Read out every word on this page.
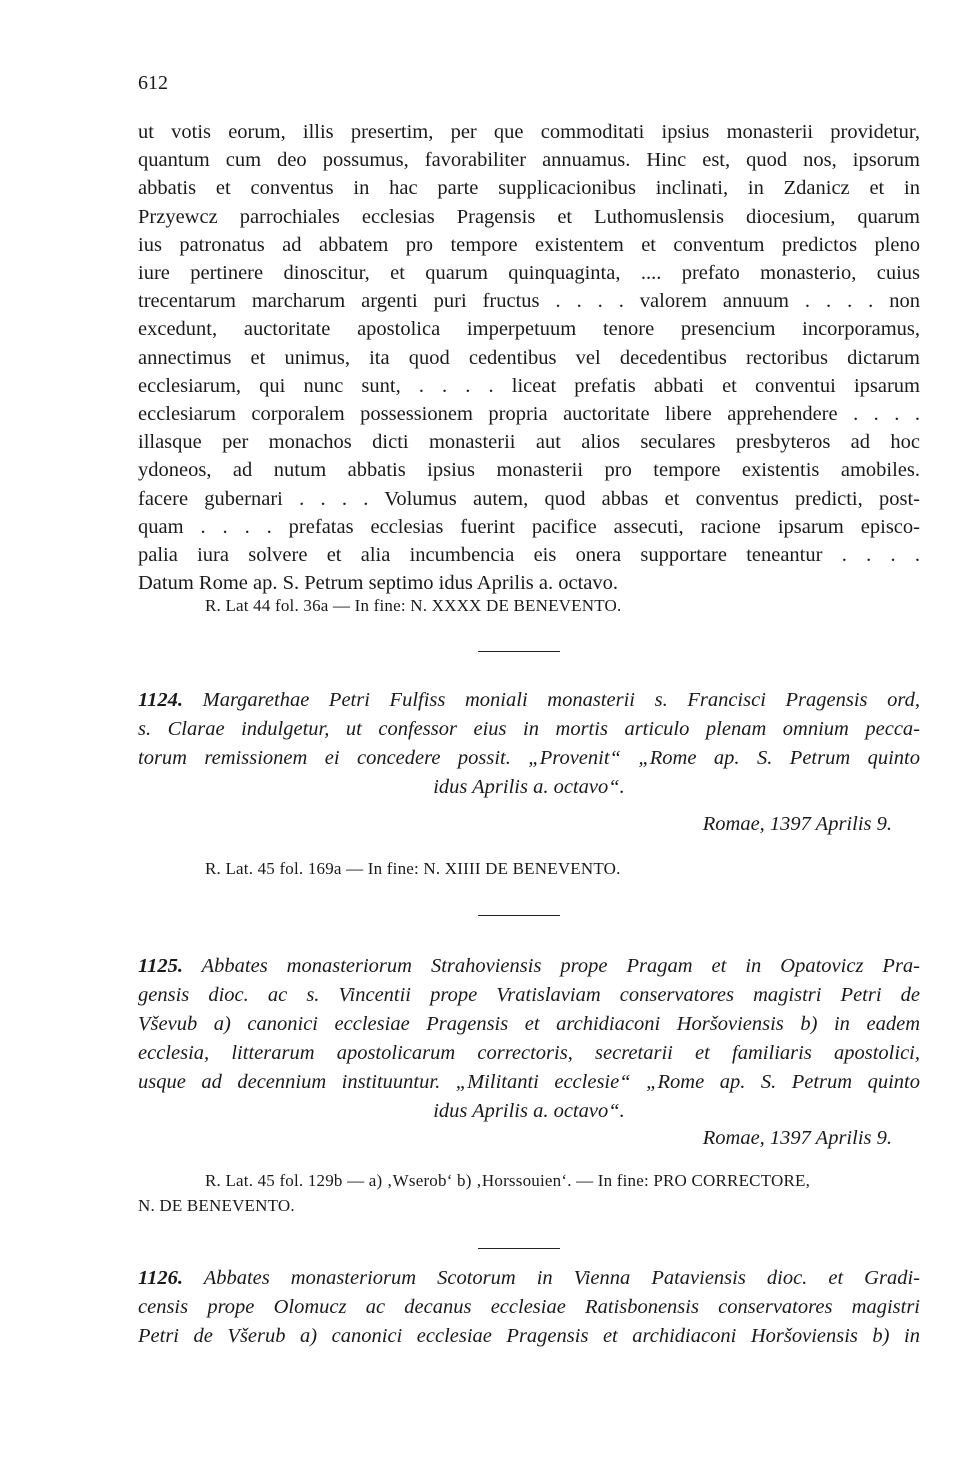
612
ut votis eorum, illis presertim, per que commoditati ipsius monasterii providetur,
quantum cum deo possumus, favorabiliter annuamus. Hinc est, quod nos, ipsorum
abbatis et conventus in hac parte supplicacionibus inclinati, in Zdanicz et in
Przyewcz parrochiales ecclesias Pragensis et Luthomuslensis diocesium, quarum
ius patronatus ad abbatem pro tempore existentem et conventum predictos pleno
iure pertinere dinoscitur, et quarum quinquaginta, .... prefato monasterio, cuius
trecentarum marcharum argenti puri fructus . . . . valorem annuum . . . . non
excedunt, auctoritate apostolica imperpetuum tenore presencium incorporamus,
annectimus et unimus, ita quod cedentibus vel decedentibus rectoribus dictarum
ecclesiarum, qui nunc sunt, . . . . liceat prefatis abbati et conventui ipsarum
ecclesiarum corporalem possessionem propria auctoritate libere apprehendere . . . .
illasque per monachos dicti monasterii aut alios seculares presbyteros ad hoc
ydoneos, ad nutum abbatis ipsius monasterii pro tempore existentis amobiles.
facere gubernari . . . . Volumus autem, quod abbas et conventus predicti, post-
quam . . . . prefatas ecclesias fuerint pacifice assecuti, racione ipsarum episco-
palia iura solvere et alia incumbencia eis onera supportare teneantur . . . .
Datum Rome ap. S. Petrum septimo idus Aprilis a. octavo.
R. Lat 44 fol. 36a — In fine: N. XXXX DE BENEVENTO.
1124. Margarethae Petri Fulfiss moniali monasterii s. Francisci Pragensis ord,
s. Clarae indulgetur, ut confessor eius in mortis articulo plenam omnium pecca-
torum remissionem ei concedere possit. „Provenit“ „Rome ap. S. Petrum quinto
idus Aprilis a. octavo“.
Romae, 1397 Aprilis 9.
R. Lat. 45 fol. 169a — In fine: N. XIIII DE BENEVENTO.
1125. Abbates monasteriorum Strahoviensis prope Pragam et in Opatovicz Pra-
gensis dioc. ac s. Vincentii prope Vratislaviam conservatores magistri Petri de
Vševub a) canonici ecclesiae Pragensis et archidiaconi Horšoviensis b) in eadem
ecclesia, litterarum apostolicarum correctoris, secretarii et familiaris apostolici,
usque ad decennium instituuntur. „Militanti ecclesie“ „Rome ap. S. Petrum quinto
idus Aprilis a. octavo“.
Romae, 1397 Aprilis 9.
R. Lat. 45 fol. 129b — a) ‚Wserob‘ b) ‚Horssouien‘. — In fine: PRO CORRECTORE,
N. DE BENEVENTO.
1126. Abbates monasteriorum Scotorum in Vienna Pataviensis dioc. et Gradi-
censis prope Olomucz ac decanus ecclesiae Ratisbonensis conservatores magistri
Petri de Všerub a) canonici ecclesiae Pragensis et archidiaconi Horšoviensis b) in
